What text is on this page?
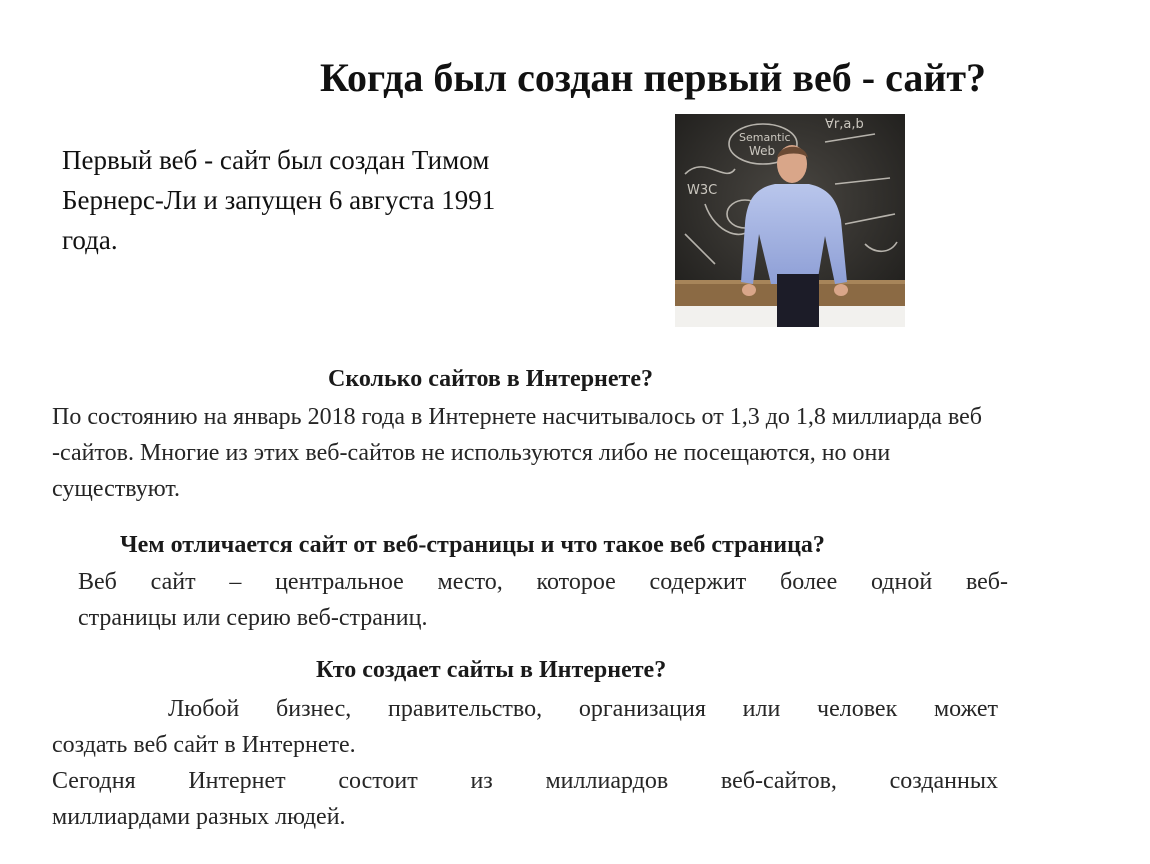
Когда был создан первый веб - сайт?
Первый веб - сайт был создан Тимом Бернерс-Ли и запущен 6 августа 1991 года.
Semantic
Web
W3C
∀r,a,b
Сколько сайтов в Интернете?
По состоянию на январь 2018 года в Интернете насчитывалось от 1,3 до 1,8 миллиарда веб -сайтов. Многие из этих веб-сайтов не используются либо не посещаются, но они существуют.
Чем отличается сайт от веб-страницы и что такое веб страница?
Веб сайт – центральное место, которое содержит более одной веб-
страницы или серию веб-страниц.
Кто создает сайты в Интернете?
Любой бизнес, правительство, организация или человек может
создать веб сайт в Интернете.
Сегодня Интернет состоит из миллиардов веб-сайтов, созданных
миллиардами разных людей.
